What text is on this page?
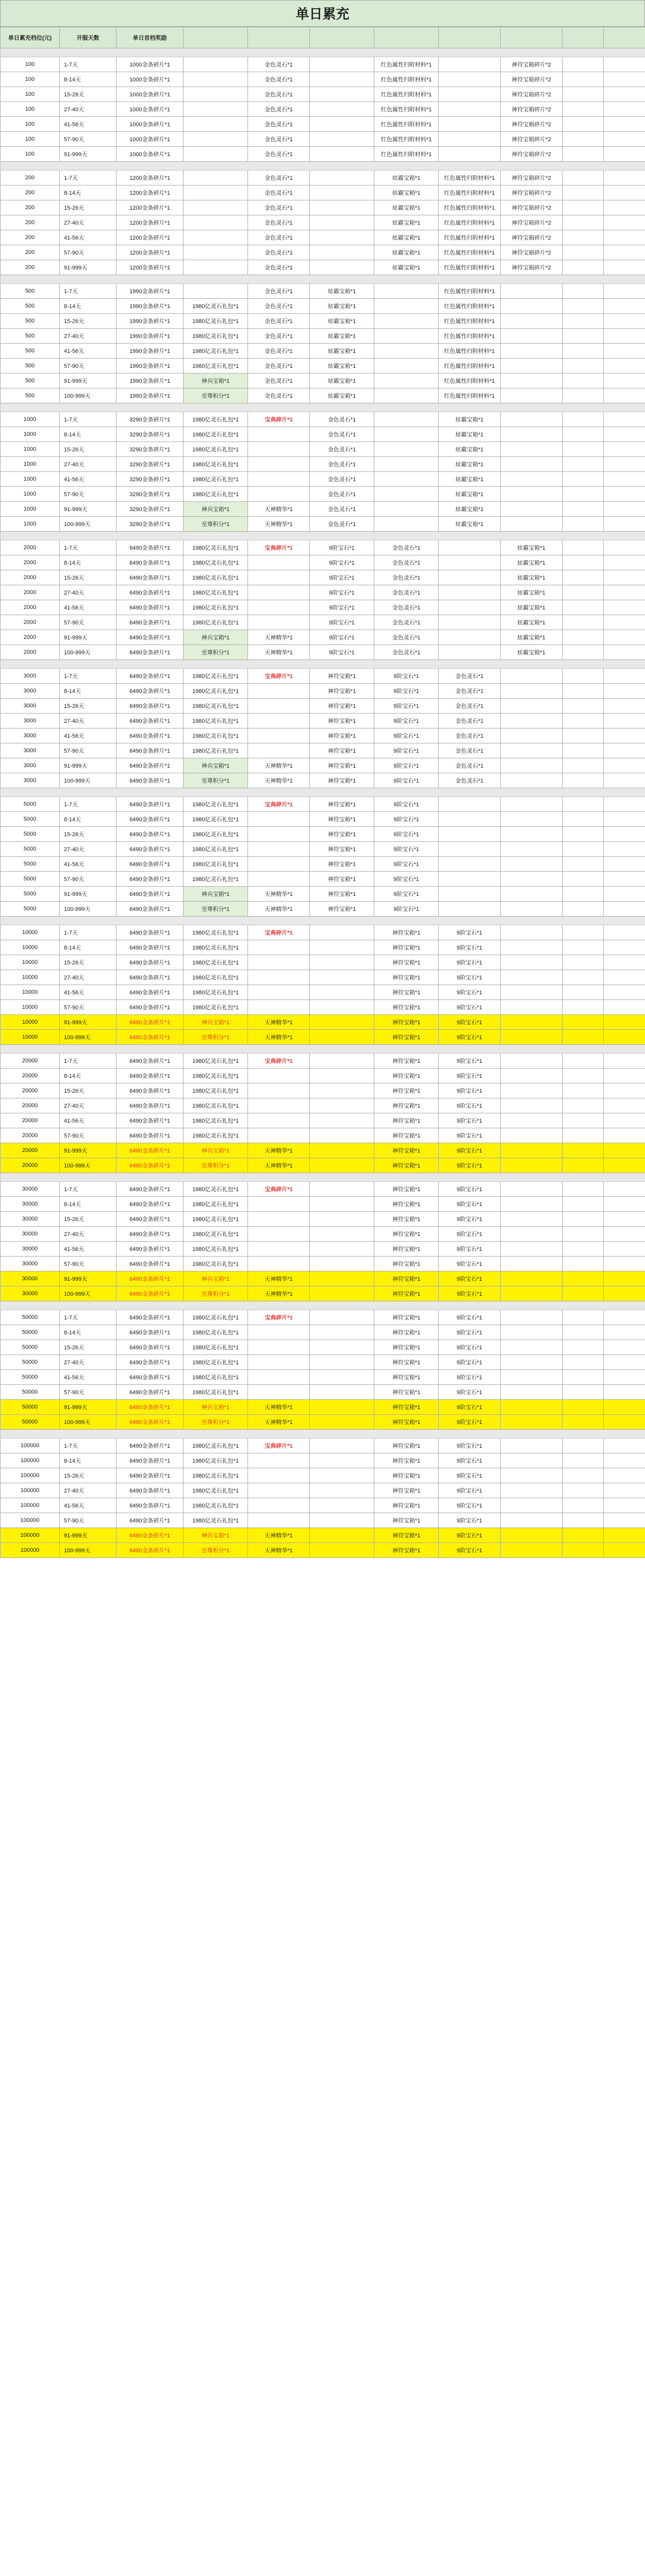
单日累充
单日累充档位(元)	开服天数	单日首档奖励								

100	1-7天	1000金条碎片*1		金色灵石*1		红色属性归附材料*1		神符宝箱碎片*2		
100	8-14天	1000金条碎片*1		金色灵石*1		红色属性归附材料*1		神符宝箱碎片*2		
100	15-26天	1000金条碎片*1		金色灵石*1		红色属性归附材料*1		神符宝箱碎片*2		
100	27-40天	1000金条碎片*1		金色灵石*1		红色属性归附材料*1		神符宝箱碎片*2		
100	41-56天	1000金条碎片*1		金色灵石*1		红色属性归附材料*1		神符宝箱碎片*2		
100	57-90天	1000金条碎片*1		金色灵石*1		红色属性归附材料*1		神符宝箱碎片*2		
100	91-999天	1000金条碎片*1		金色灵石*1		红色属性归附材料*1		神符宝箱碎片*2		

200	1-7天	1200金条碎片*1		金色灵石*1		炫霸宝箱*1	红色属性归附材料*1	神符宝箱碎片*2		
200	8-14天	1200金条碎片*1		金色灵石*1		炫霸宝箱*1	红色属性归附材料*1	神符宝箱碎片*2		
200	15-26天	1200金条碎片*1		金色灵石*1		炫霸宝箱*1	红色属性归附材料*1	神符宝箱碎片*2		
200	27-40天	1200金条碎片*1		金色灵石*1		炫霸宝箱*1	红色属性归附材料*1	神符宝箱碎片*2		
200	41-56天	1200金条碎片*1		金色灵石*1		炫霸宝箱*1	红色属性归附材料*1	神符宝箱碎片*2		
200	57-90天	1200金条碎片*1		金色灵石*1		炫霸宝箱*1	红色属性归附材料*1	神符宝箱碎片*2		
200	91-999天	1200金条碎片*1		金色灵石*1		炫霸宝箱*1	红色属性归附材料*1	神符宝箱碎片*2		

500	1-7天	1990金条碎片*1		金色灵石*1	炫霸宝箱*1		红色属性归附材料*1			
500	8-14天	1990金条碎片*1	1980亿灵石礼包*1	金色灵石*1	炫霸宝箱*1		红色属性归附材料*1			
500	15-26天	1990金条碎片*1	1980亿灵石礼包*1	金色灵石*1	炫霸宝箱*1		红色属性归附材料*1			
500	27-40天	1990金条碎片*1	1980亿灵石礼包*1	金色灵石*1	炫霸宝箱*1		红色属性归附材料*1			
500	41-56天	1990金条碎片*1	1980亿灵石礼包*1	金色灵石*1	炫霸宝箱*1		红色属性归附材料*1			
500	57-90天	1990金条碎片*1	1980亿灵石礼包*1	金色灵石*1	炫霸宝箱*1		红色属性归附材料*1			
500	91-999天	1990金条碎片*1	神兵宝箱*1	金色灵石*1	炫霸宝箱*1		红色属性归附材料*1			
500	100-999天	1990金条碎片*1	至尊积分*1	金色灵石*1	炫霸宝箱*1		红色属性归附材料*1			

1000	1-7天	3290金条碎片*1	1980亿灵石礼包*1	宝典碎片*1	金色灵石*1		炫霸宝箱*1			
1000	8-14天	3290金条碎片*1	1980亿灵石礼包*1		金色灵石*1		炫霸宝箱*1			
1000	15-26天	3290金条碎片*1	1980亿灵石礼包*1		金色灵石*1		炫霸宝箱*1			
1000	27-40天	3290金条碎片*1	1980亿灵石礼包*1		金色灵石*1		炫霸宝箱*1			
1000	41-56天	3290金条碎片*1	1980亿灵石礼包*1		金色灵石*1		炫霸宝箱*1			
1000	57-90天	3290金条碎片*1	1980亿灵石礼包*1		金色灵石*1		炫霸宝箱*1			
1000	91-999天	3290金条碎片*1	神兵宝箱*1	天神精华*1	金色灵石*1		炫霸宝箱*1			
1000	100-999天	3290金条碎片*1	至尊积分*1	天神精华*1	金色灵石*1		炫霸宝箱*1			

2000	1-7天	6490金条碎片*1	1980亿灵石礼包*1	宝典碎片*1	9阶宝石*1	金色灵石*1		炫霸宝箱*1		
2000	8-14天	6490金条碎片*1	1980亿灵石礼包*1		9阶宝石*1	金色灵石*1		炫霸宝箱*1		
2000	15-26天	6490金条碎片*1	1980亿灵石礼包*1		9阶宝石*1	金色灵石*1		炫霸宝箱*1		
2000	27-40天	6490金条碎片*1	1980亿灵石礼包*1		9阶宝石*1	金色灵石*1		炫霸宝箱*1		
2000	41-56天	6490金条碎片*1	1980亿灵石礼包*1		9阶宝石*1	金色灵石*1		炫霸宝箱*1		
2000	57-90天	6490金条碎片*1	1980亿灵石礼包*1		9阶宝石*1	金色灵石*1		炫霸宝箱*1		
2000	91-999天	6490金条碎片*1	神兵宝箱*1	天神精华*1	9阶宝石*1	金色灵石*1		炫霸宝箱*1		
2000	100-999天	6490金条碎片*1	至尊积分*1	天神精华*1	9阶宝石*1	金色灵石*1		炫霸宝箱*1		

3000	1-7天	6490金条碎片*1	1980亿灵石礼包*1	宝典碎片*1	神符宝箱*1	9阶宝石*1	金色灵石*1			
3000	8-14天	6490金条碎片*1	1980亿灵石礼包*1		神符宝箱*1	9阶宝石*1	金色灵石*1			
3000	15-26天	6490金条碎片*1	1980亿灵石礼包*1		神符宝箱*1	9阶宝石*1	金色灵石*1			
3000	27-40天	6490金条碎片*1	1980亿灵石礼包*1		神符宝箱*1	9阶宝石*1	金色灵石*1			
3000	41-56天	6490金条碎片*1	1980亿灵石礼包*1		神符宝箱*1	9阶宝石*1	金色灵石*1			
3000	57-90天	6490金条碎片*1	1980亿灵石礼包*1		神符宝箱*1	9阶宝石*1	金色灵石*1			
3000	91-999天	6490金条碎片*1	神兵宝箱*1	天神精华*1	神符宝箱*1	9阶宝石*1	金色灵石*1			
3000	100-999天	6490金条碎片*1	至尊积分*1	天神精华*1	神符宝箱*1	9阶宝石*1	金色灵石*1			

5000	1-7天	6490金条碎片*1	1980亿灵石礼包*1	宝典碎片*1	神符宝箱*1	9阶宝石*1				
5000	8-14天	6490金条碎片*1	1980亿灵石礼包*1		神符宝箱*1	9阶宝石*1				
5000	15-26天	6490金条碎片*1	1980亿灵石礼包*1		神符宝箱*1	9阶宝石*1				
5000	27-40天	6490金条碎片*1	1980亿灵石礼包*1		神符宝箱*1	9阶宝石*1				
5000	41-56天	6490金条碎片*1	1980亿灵石礼包*1		神符宝箱*1	9阶宝石*1				
5000	57-90天	6490金条碎片*1	1980亿灵石礼包*1		神符宝箱*1	9阶宝石*1				
5000	91-999天	6490金条碎片*1	神兵宝箱*1	天神精华*1	神符宝箱*1	9阶宝石*1				
5000	100-999天	6490金条碎片*1	至尊积分*1	天神精华*1	神符宝箱*1	9阶宝石*1				

10000	1-7天	6490金条碎片*1	1980亿灵石礼包*1	宝典碎片*1		神符宝箱*1	9阶宝石*1			
10000	8-14天	6490金条碎片*1	1980亿灵石礼包*1			神符宝箱*1	9阶宝石*1			
10000	15-26天	6490金条碎片*1	1980亿灵石礼包*1			神符宝箱*1	9阶宝石*1			
10000	27-40天	6490金条碎片*1	1980亿灵石礼包*1			神符宝箱*1	9阶宝石*1			
10000	41-56天	6490金条碎片*1	1980亿灵石礼包*1			神符宝箱*1	9阶宝石*1			
10000	57-90天	6490金条碎片*1	1980亿灵石礼包*1			神符宝箱*1	9阶宝石*1			
10000	91-999天	6490金条碎片*1	神兵宝箱*1	天神精华*1		神符宝箱*1	9阶宝石*1			
10000	100-999天	6490金条碎片*1	至尊积分*1	天神精华*1		神符宝箱*1	9阶宝石*1			

20000	1-7天	6490金条碎片*1	1980亿灵石礼包*1	宝典碎片*1		神符宝箱*1	9阶宝石*1			
20000	8-14天	6490金条碎片*1	1980亿灵石礼包*1			神符宝箱*1	9阶宝石*1			
20000	15-26天	6490金条碎片*1	1980亿灵石礼包*1			神符宝箱*1	9阶宝石*1			
20000	27-40天	6490金条碎片*1	1980亿灵石礼包*1			神符宝箱*1	9阶宝石*1			
20000	41-56天	6490金条碎片*1	1980亿灵石礼包*1			神符宝箱*1	9阶宝石*1			
20000	57-90天	6490金条碎片*1	1980亿灵石礼包*1			神符宝箱*1	9阶宝石*1			
20000	91-999天	6490金条碎片*1	神兵宝箱*1	天神精华*1		神符宝箱*1	9阶宝石*1			
20000	100-999天	6490金条碎片*1	至尊积分*1	天神精华*1		神符宝箱*1	9阶宝石*1			

30000	1-7天	6490金条碎片*1	1980亿灵石礼包*1	宝典碎片*1		神符宝箱*1	9阶宝石*1			
30000	8-14天	6490金条碎片*1	1980亿灵石礼包*1			神符宝箱*1	9阶宝石*1			
30000	15-26天	6490金条碎片*1	1980亿灵石礼包*1			神符宝箱*1	9阶宝石*1			
30000	27-40天	6490金条碎片*1	1980亿灵石礼包*1			神符宝箱*1	9阶宝石*1			
30000	41-56天	6490金条碎片*1	1980亿灵石礼包*1			神符宝箱*1	9阶宝石*1			
30000	57-90天	6490金条碎片*1	1980亿灵石礼包*1			神符宝箱*1	9阶宝石*1			
30000	91-999天	6490金条碎片*1	神兵宝箱*1	天神精华*1		神符宝箱*1	9阶宝石*1			
30000	100-999天	6490金条碎片*1	至尊积分*1	天神精华*1		神符宝箱*1	9阶宝石*1			

50000	1-7天	6490金条碎片*1	1980亿灵石礼包*1	宝典碎片*1		神符宝箱*1	9阶宝石*1			
50000	8-14天	6490金条碎片*1	1980亿灵石礼包*1			神符宝箱*1	9阶宝石*1			
50000	15-26天	6490金条碎片*1	1980亿灵石礼包*1			神符宝箱*1	9阶宝石*1			
50000	27-40天	6490金条碎片*1	1980亿灵石礼包*1			神符宝箱*1	9阶宝石*1			
50000	41-56天	6490金条碎片*1	1980亿灵石礼包*1			神符宝箱*1	9阶宝石*1			
50000	57-90天	6490金条碎片*1	1980亿灵石礼包*1			神符宝箱*1	9阶宝石*1			
50000	91-999天	6490金条碎片*1	神兵宝箱*1	天神精华*1		神符宝箱*1	9阶宝石*1			
50000	100-999天	6490金条碎片*1	至尊积分*1	天神精华*1		神符宝箱*1	9阶宝石*1			

100000	1-7天	6490金条碎片*1	1980亿灵石礼包*1	宝典碎片*1		神符宝箱*1	9阶宝石*1			
100000	8-14天	6490金条碎片*1	1980亿灵石礼包*1			神符宝箱*1	9阶宝石*1			
100000	15-26天	6490金条碎片*1	1980亿灵石礼包*1			神符宝箱*1	9阶宝石*1			
100000	27-40天	6490金条碎片*1	1980亿灵石礼包*1			神符宝箱*1	9阶宝石*1			
100000	41-56天	6490金条碎片*1	1980亿灵石礼包*1			神符宝箱*1	9阶宝石*1			
100000	57-90天	6490金条碎片*1	1980亿灵石礼包*1			神符宝箱*1	9阶宝石*1			
100000	91-999天	6490金条碎片*1	神兵宝箱*1	天神精华*1		神符宝箱*1	9阶宝石*1			
100000	100-999天	6490金条碎片*1	至尊积分*1	天神精华*1		神符宝箱*1	9阶宝石*1			
